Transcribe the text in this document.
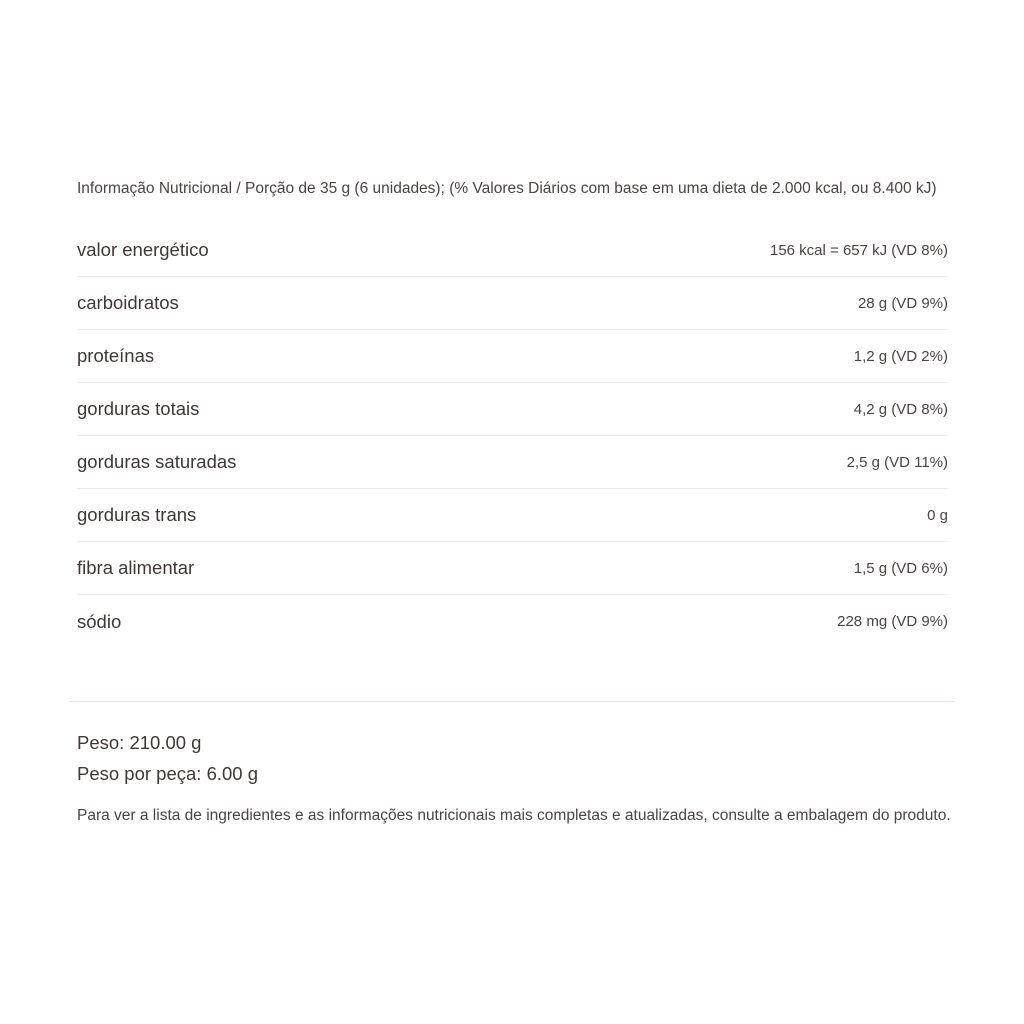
Informação Nutricional / Porção de 35 g (6 unidades); (% Valores Diários com base em uma dieta de 2.000 kcal, ou 8.400 kJ)

valor energético	156 kcal = 657 kJ (VD 8%)
carboidratos	28 g (VD 9%)
proteínas	1,2 g (VD 2%)
gorduras totais	4,2 g (VD 8%)
gorduras saturadas	2,5 g (VD 11%)
gorduras trans	0 g
fibra alimentar	1,5 g (VD 6%)
sódio	228 mg (VD 9%)
Peso: 210.00 g
Peso por peça: 6.00 g

Para ver a lista de ingredientes e as informações nutricionais mais completas e atualizadas, consulte a embalagem do produto.
